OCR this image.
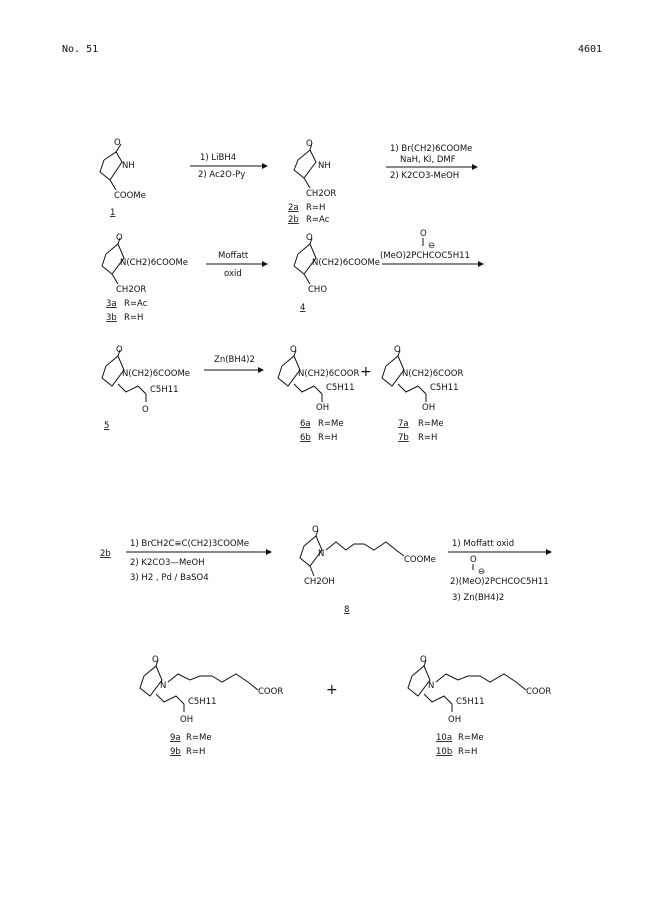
No. 51	4601
O
NH
COOMe
1
1) LiBH4
2) Ac2O-Py
O
NH
CH2OR
2a R=H
2b R=Ac
1) Br(CH2)6COOMe
NaH, KI, DMF
2) K2CO3-MeOH
O
N(CH2)6COOMe
CH2OR
3a R=Ac
3b R=H
Moffatt
oxid
O
N(CH2)6COOMe
CHO
4
O
⊖
(MeO)2PCHCOC5H11
O
N(CH2)6COOMe
C5H11
O
5
Zn(BH4)2
O
N(CH2)6COOR
C5H11
OH
6a R=Me
6b R=H
+
O
N(CH2)6COOR
C5H11
OH
7a R=Me
7b R=H
2b
1) BrCH2C≡C(CH2)3COOMe
2) K2CO3—MeOH
3) H2 , Pd / BaSO4
O
N
COOMe
CH2OH
8
1) Moffatt oxid
O
⊖
2)(MeO)2PCHCOC5H11
3) Zn(BH4)2
O
N
COOR
C5H11
OH
9a R=Me
9b R=H
+
O
N
COOR
C5H11
OH
10a R=Me
10b R=H
